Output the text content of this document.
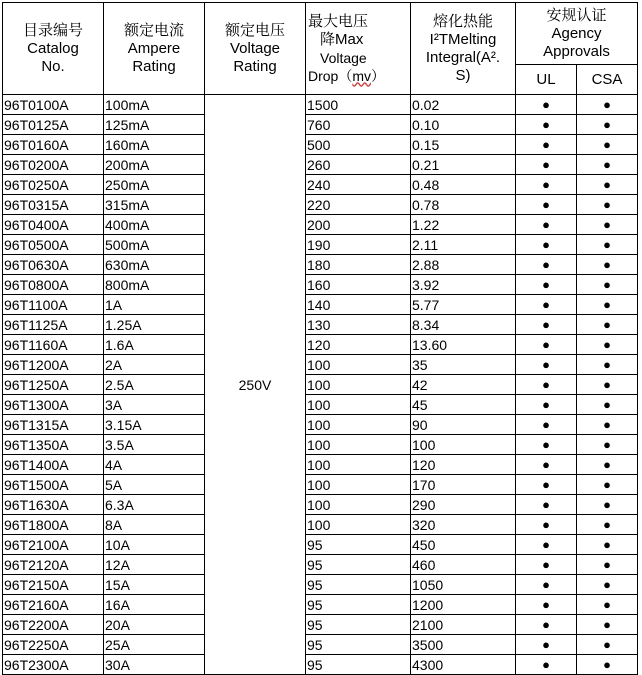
目录编号
Catalog
No.	额定电流
Ampere
Rating	额定电压
Voltage
Rating	最大电压
降Max
Voltage
Drop（mv）	熔化热能
I²TMelting
Integral(A².
S)	安规认证
Agency
Approvals	

					UL	CSA
96T0100A	100mA	250V	1500	0.02	●	●
96T0125A	125mA		760	0.10	●	●
96T0160A	160mA		500	0.15	●	●
96T0200A	200mA		260	0.21	●	●
96T0250A	250mA		240	0.48	●	●
96T0315A	315mA		220	0.78	●	●
96T0400A	400mA		200	1.22	●	●
96T0500A	500mA		190	2.11	●	●
96T0630A	630mA		180	2.88	●	●
96T0800A	800mA		160	3.92	●	●
96T1100A	1A		140	5.77	●	●
96T1125A	1.25A		130	8.34	●	●
96T1160A	1.6A		120	13.60	●	●
96T1200A	2A		100	35	●	●
96T1250A	2.5A		100	42	●	●
96T1300A	3A		100	45	●	●
96T1315A	3.15A		100	90	●	●
96T1350A	3.5A		100	100	●	●
96T1400A	4A		100	120	●	●
96T1500A	5A		100	170	●	●
96T1630A	6.3A		100	290	●	●
96T1800A	8A		100	320	●	●
96T2100A	10A		95	450	●	●
96T2120A	12A		95	460	●	●
96T2150A	15A		95	1050	●	●
96T2160A	16A		95	1200	●	●
96T2200A	20A		95	2100	●	●
96T2250A	25A		95	3500	●	●
96T2300A	30A		95	4300	●	●
